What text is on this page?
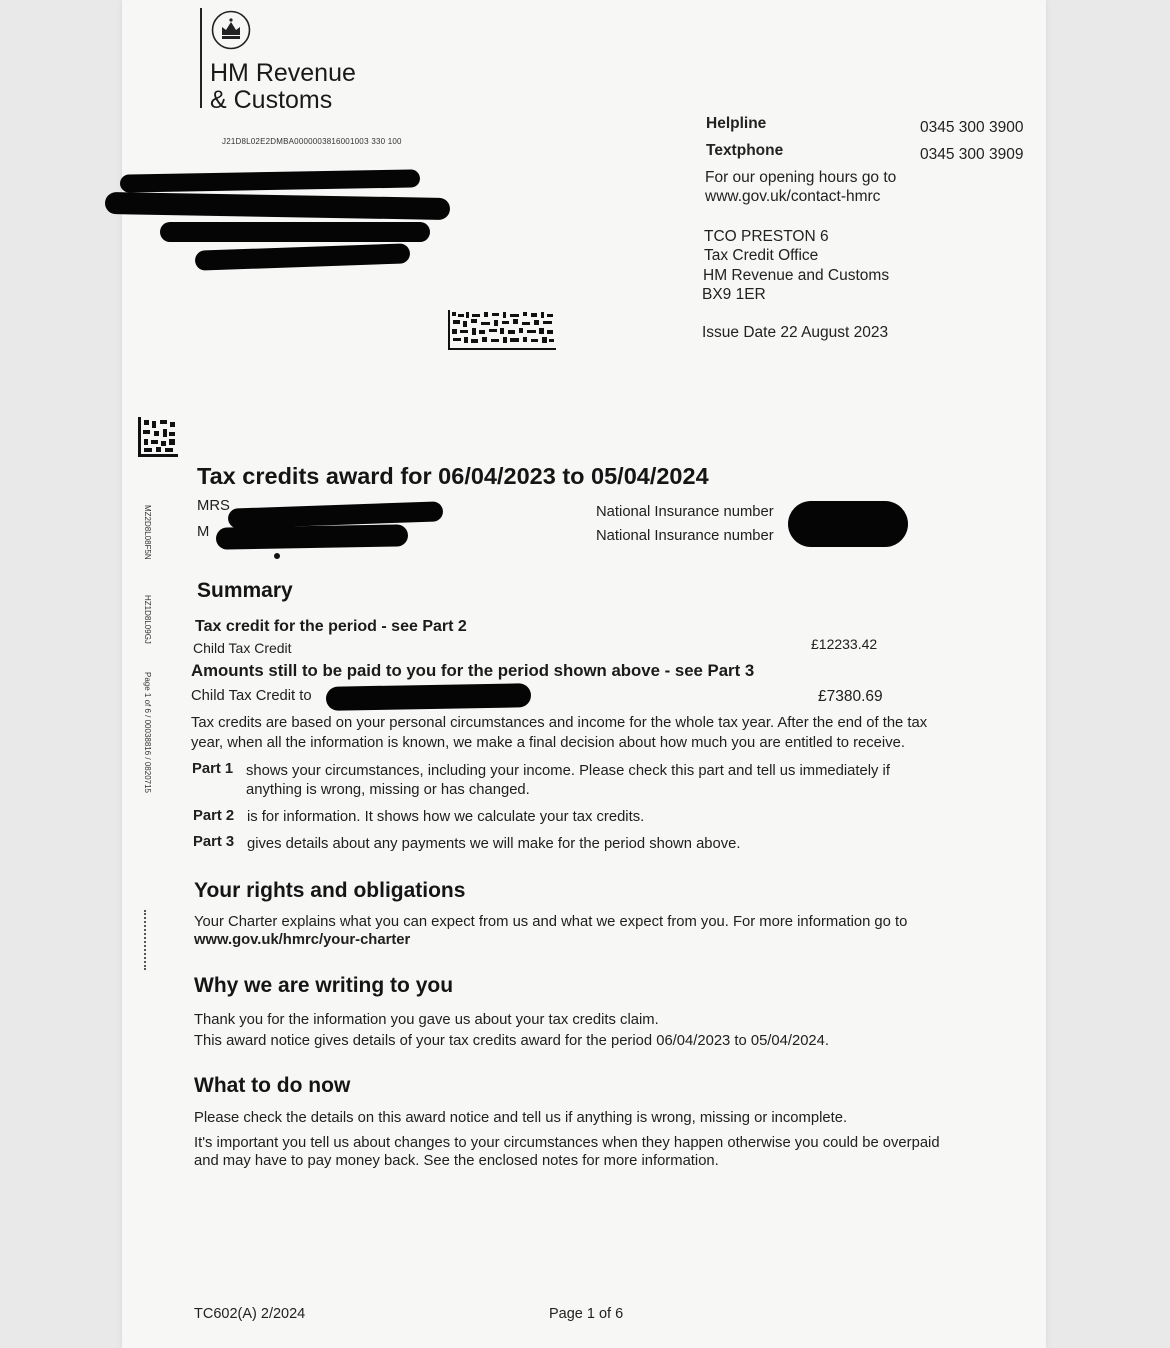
HM Revenue
& Customs
J21D8L02E2DMBA000000381600100З 330 100
Helpline	0345 300 3900
Textphone	0345 300 3909
For our opening hours go to
www.gov.uk/contact-hmrc
TCO PRESTON 6
Tax Credit Office
HM Revenue and Customs
BX9 1ER
Issue Date 22 August 2023
MZ2D8L08F5N
HZ1D8L09GJ
Page 1 of 6 / 00038816 / 0820715
Tax credits award for 06/04/2023 to 05/04/2024
MRS
M
National Insurance number
National Insurance number
Summary
Tax credit for the period - see Part 2
Child Tax Credit	£12233.42
Amounts still to be paid to you for the period shown above - see Part 3
Child Tax Credit to	£7380.69
Tax credits are based on your personal circumstances and income for the whole tax year. After the end of the tax
year, when all the information is known, we make a final decision about how much you are entitled to receive.
Part 1 shows your circumstances, including your income. Please check this part and tell us immediately if
anything is wrong, missing or has changed.
Part 2 is for information. It shows how we calculate your tax credits.
Part 3 gives details about any payments we will make for the period shown above.
Your rights and obligations
Your Charter explains what you can expect from us and what we expect from you. For more information go to
www.gov.uk/hmrc/your-charter
Why we are writing to you
Thank you for the information you gave us about your tax credits claim.
This award notice gives details of your tax credits award for the period 06/04/2023 to 05/04/2024.
What to do now
Please check the details on this award notice and tell us if anything is wrong, missing or incomplete.
It's important you tell us about changes to your circumstances when they happen otherwise you could be overpaid
and may have to pay money back. See the enclosed notes for more information.
TC602(A) 2/2024	Page 1 of 6
